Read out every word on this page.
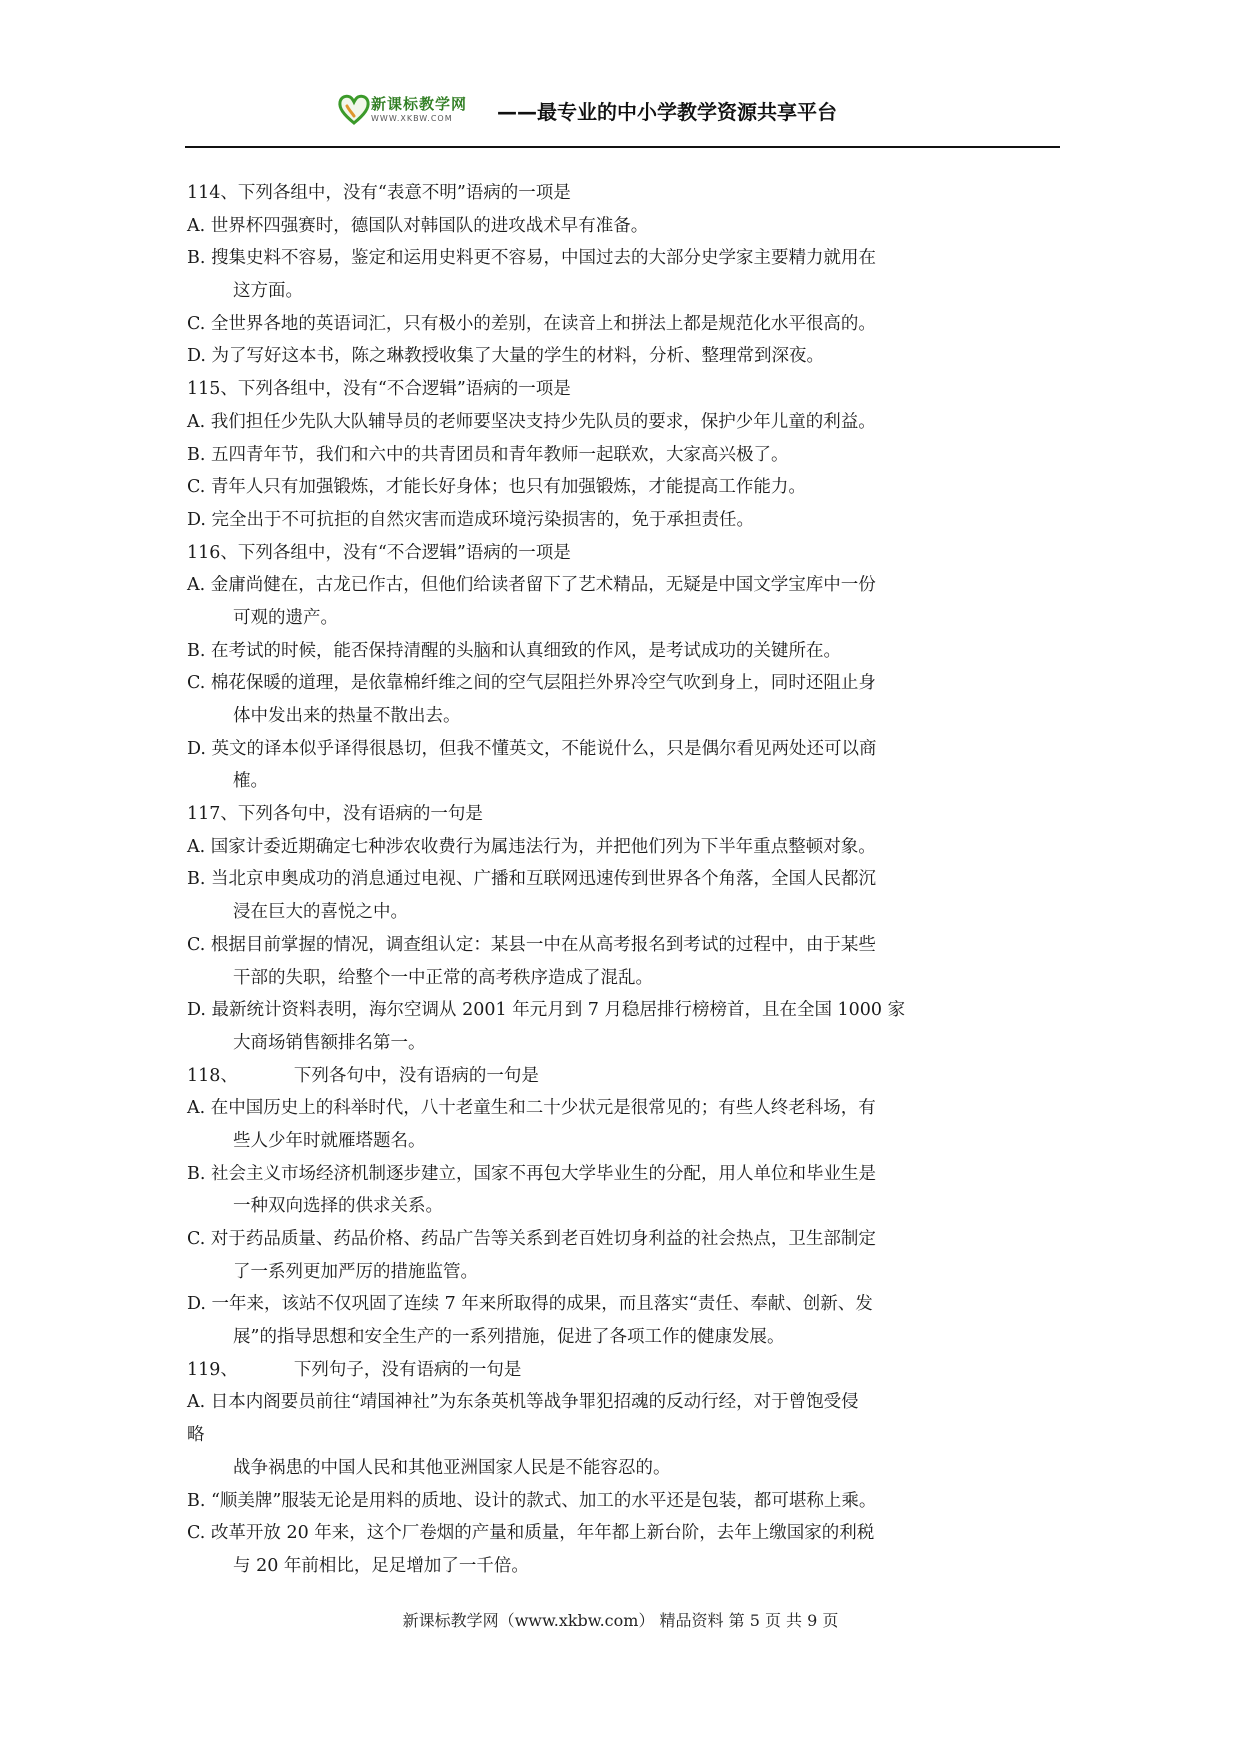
新课标教学网
WWW.XKBW.COM ——最专业的中小学教学资源共享平台
114、下列各组中，没有“表意不明”语病的一项是
A. 世界杯四强赛时，德国队对韩国队的进攻战术早有准备。
B. 搜集史料不容易，鉴定和运用史料更不容易，中国过去的大部分史学家主要精力就用在
这方面。
C. 全世界各地的英语词汇，只有极小的差别，在读音上和拼法上都是规范化水平很高的。
D. 为了写好这本书，陈之琳教授收集了大量的学生的材料，分析、整理常到深夜。
115、下列各组中，没有“不合逻辑”语病的一项是
A. 我们担任少先队大队辅导员的老师要坚决支持少先队员的要求，保护少年儿童的利益。
B. 五四青年节，我们和六中的共青团员和青年教师一起联欢，大家高兴极了。
C. 青年人只有加强锻炼，才能长好身体；也只有加强锻炼，才能提高工作能力。
D. 完全出于不可抗拒的自然灾害而造成环境污染损害的，免于承担责任。
116、下列各组中，没有“不合逻辑”语病的一项是
A. 金庸尚健在，古龙已作古，但他们给读者留下了艺术精品，无疑是中国文学宝库中一份
可观的遗产。
B. 在考试的时候，能否保持清醒的头脑和认真细致的作风，是考试成功的关键所在。
C. 棉花保暖的道理，是依靠棉纤维之间的空气层阻拦外界冷空气吹到身上，同时还阻止身
体中发出来的热量不散出去。
D. 英文的译本似乎译得很恳切，但我不懂英文，不能说什么，只是偶尔看见两处还可以商
榷。
117、下列各句中，没有语病的一句是
A. 国家计委近期确定七种涉农收费行为属违法行为，并把他们列为下半年重点整顿对象。
B. 当北京申奥成功的消息通过电视、广播和互联网迅速传到世界各个角落，全国人民都沉
浸在巨大的喜悦之中。
C. 根据目前掌握的情况，调查组认定：某县一中在从高考报名到考试的过程中，由于某些
干部的失职，给整个一中正常的高考秩序造成了混乱。
D. 最新统计资料表明，海尔空调从 2001 年元月到 7 月稳居排行榜榜首，且在全国 1000 家
大商场销售额排名第一。
118、	下列各句中，没有语病的一句是
A. 在中国历史上的科举时代，八十老童生和二十少状元是很常见的；有些人终老科场，有
些人少年时就雁塔题名。
B. 社会主义市场经济机制逐步建立，国家不再包大学毕业生的分配，用人单位和毕业生是
一种双向选择的供求关系。
C. 对于药品质量、药品价格、药品广告等关系到老百姓切身利益的社会热点，卫生部制定
了一系列更加严厉的措施监管。
D. 一年来，该站不仅巩固了连续 7 年来所取得的成果，而且落实“责任、奉献、创新、发
展”的指导思想和安全生产的一系列措施，促进了各项工作的健康发展。
119、	下列句子，没有语病的一句是
A. 日本内阁要员前往“靖国神社”为东条英机等战争罪犯招魂的反动行经，对于曾饱受侵
略
战争祸患的中国人民和其他亚洲国家人民是不能容忍的。
B. “顺美牌”服装无论是用料的质地、设计的款式、加工的水平还是包装，都可堪称上乘。
C. 改革开放 20 年来，这个厂卷烟的产量和质量，年年都上新台阶，去年上缴国家的利税
与 20 年前相比，足足增加了一千倍。
新课标教学网（www.xkbw.com） 精品资料 第 5 页 共 9 页
